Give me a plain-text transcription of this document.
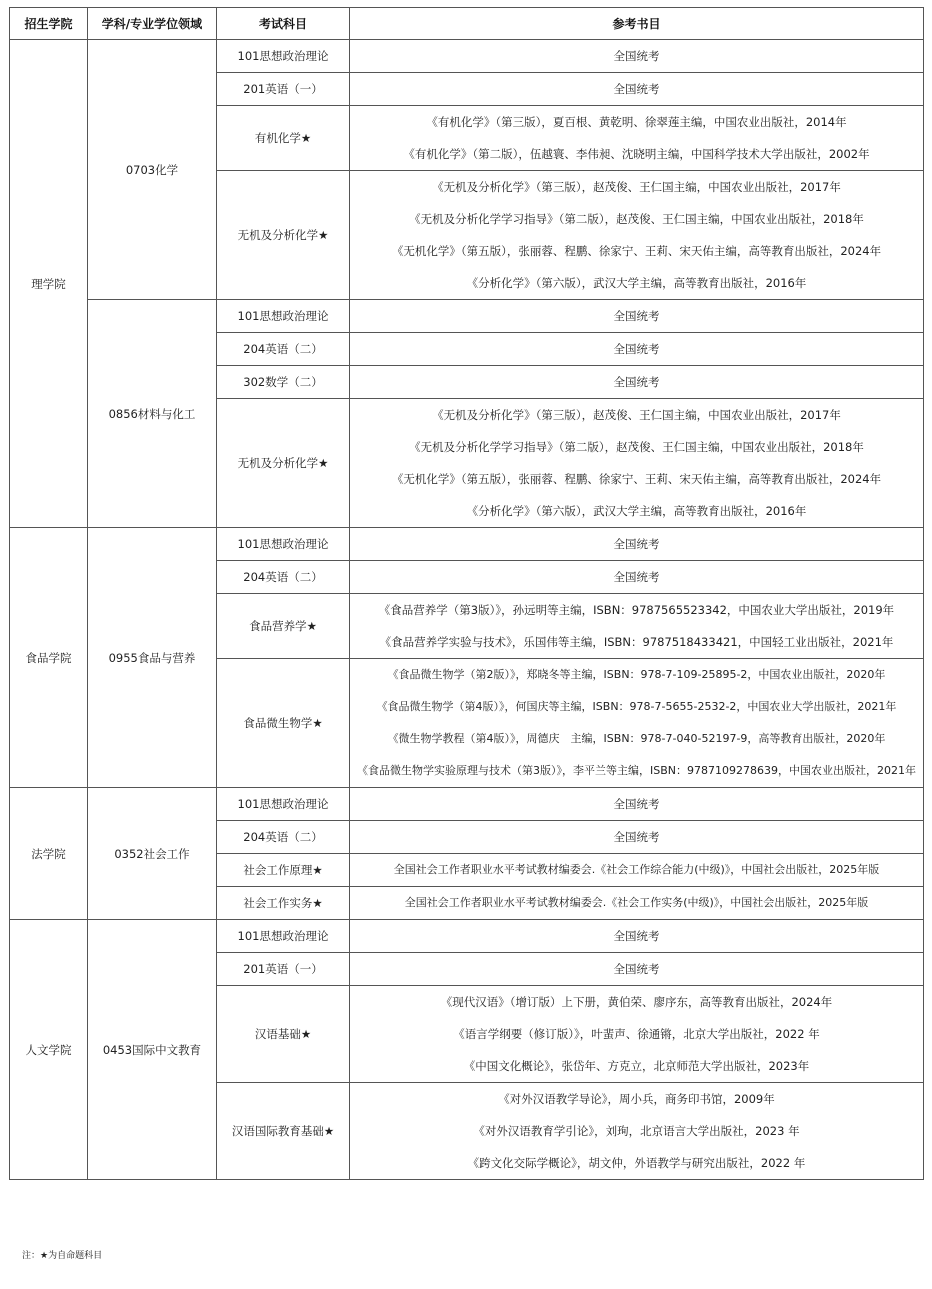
招生学院	学科/专业学位领域	考试科目	参考书目
理学院	0703化学	101思想政治理论	全国统考
		201英语（一）	全国统考
		有机化学★	《有机化学》（第三版），夏百根、黄乾明、徐翠莲主编，中国农业出版社，2014年
《有机化学》（第二版），伍越寰、李伟昶、沈晓明主编，中国科学技术大学出版社，2002年

		无机及分析化学★	《无机及分析化学》（第三版），赵茂俊、王仁国主编，中国农业出版社，2017年
《无机及分析化学学习指导》（第二版），赵茂俊、王仁国主编，中国农业出版社，2018年
《无机化学》（第五版），张丽蓉、程鹏、徐家宁、王莉、宋天佑主编，高等教育出版社，2024年
《分析化学》（第六版），武汉大学主编，高等教育出版社，2016年

	0856材料与化工	101思想政治理论	全国统考
		204英语（二）	全国统考
		302数学（二）	全国统考
		无机及分析化学★	《无机及分析化学》（第三版），赵茂俊、王仁国主编，中国农业出版社，2017年
《无机及分析化学学习指导》（第二版），赵茂俊、王仁国主编，中国农业出版社，2018年
《无机化学》（第五版），张丽蓉、程鹏、徐家宁、王莉、宋天佑主编，高等教育出版社，2024年
《分析化学》（第六版），武汉大学主编，高等教育出版社，2016年

食品学院	0955食品与营养	101思想政治理论	全国统考
		204英语（二）	全国统考
		食品营养学★	《食品营养学（第3版）》，孙远明等主编，ISBN：9787565523342，中国农业大学出版社，2019年
《食品营养学实验与技术》，乐国伟等主编，ISBN：9787518433421，中国轻工业出版社，2021年

		食品微生物学★	《食品微生物学（第2版）》，郑晓冬等主编，ISBN：978-7-109-25895-2，中国农业出版社，2020年
《食品微生物学（第4版）》，何国庆等主编，ISBN：978-7-5655-2532-2，中国农业大学出版社，2021年
《微生物学教程（第4版）》，周德庆　主编，ISBN：978-7-040-52197-9，高等教育出版社，2020年
《食品微生物学实验原理与技术（第3版）》，李平兰等主编，ISBN：9787109278639，中国农业出版社，2021年

法学院	0352社会工作	101思想政治理论	全国统考
		204英语（二）	全国统考
		社会工作原理★	全国社会工作者职业水平考试教材编委会.《社会工作综合能力(中级)》，中国社会出版社，2025年版
		社会工作实务★	全国社会工作者职业水平考试教材编委会.《社会工作实务(中级)》，中国社会出版社，2025年版
人文学院	0453国际中文教育	101思想政治理论	全国统考
		201英语（一）	全国统考
		汉语基础★	《现代汉语》（增订版）上下册，黄伯荣、廖序东，高等教育出版社，2024年
《语言学纲要（修订版）》，叶蜚声、徐通锵，北京大学出版社，2022 年
《中国文化概论》，张岱年、方克立，北京师范大学出版社，2023年

		汉语国际教育基础★	《对外汉语教学导论》，周小兵，商务印书馆，2009年
《对外汉语教育学引论》，刘珣，北京语言大学出版社，2023 年
《跨文化交际学概论》，胡文仲，外语教学与研究出版社，2022 年
注：★为自命题科目
